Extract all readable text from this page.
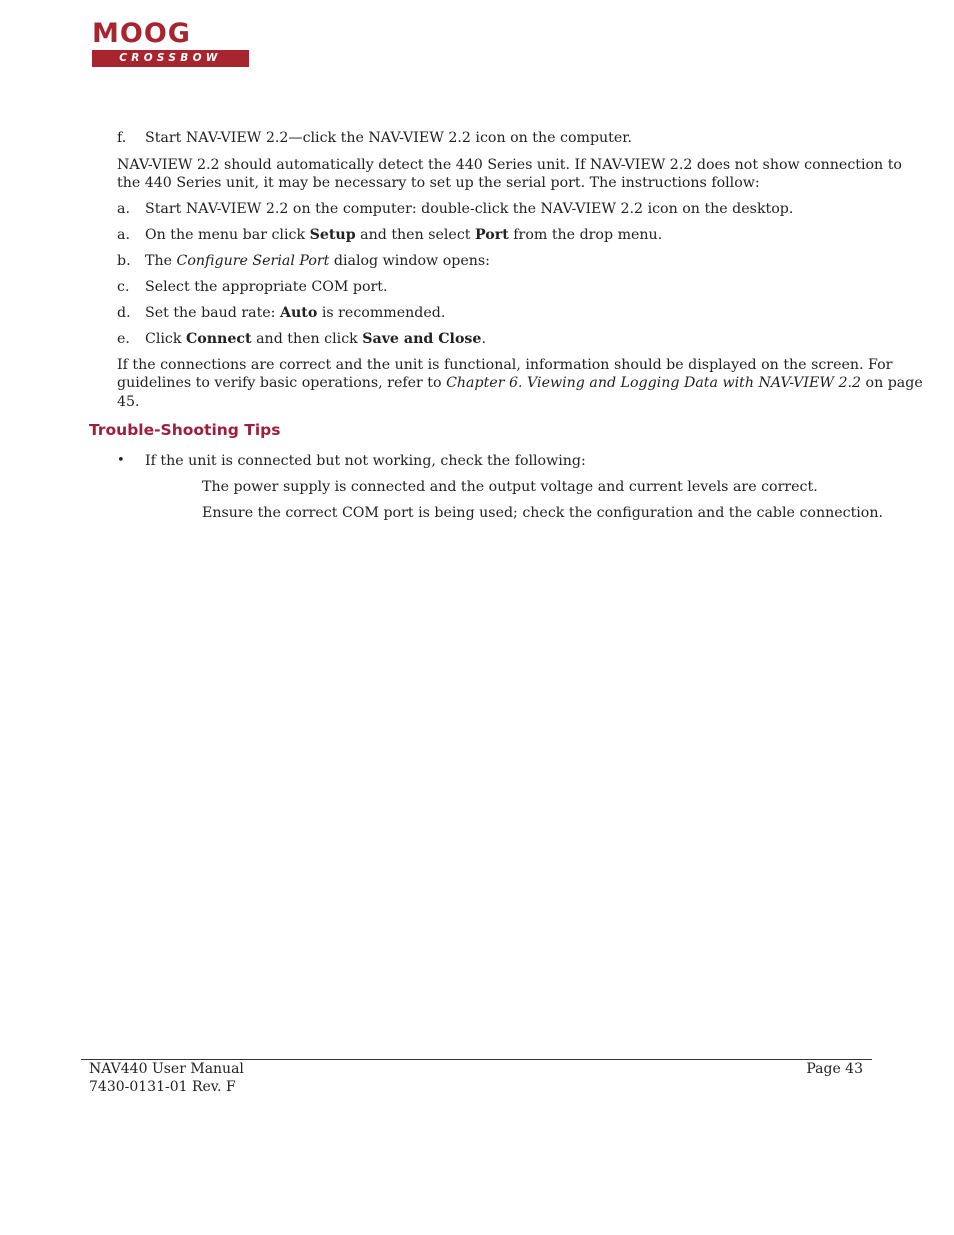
MOOG
CROSSBOW
f. Start NAV-VIEW 2.2—click the NAV-VIEW 2.2 icon on the computer.
NAV-VIEW 2.2 should automatically detect the 440 Series unit. If NAV-VIEW 2.2 does not show connection to
the 440 Series unit, it may be necessary to set up the serial port. The instructions follow:
a. Start NAV-VIEW 2.2 on the computer: double-click the NAV-VIEW 2.2 icon on the desktop.
a. On the menu bar click Setup and then select Port from the drop menu.
b. The Configure Serial Port dialog window opens:
c. Select the appropriate COM port.
d. Set the baud rate: Auto is recommended.
e. Click Connect and then click Save and Close.
If the connections are correct and the unit is functional, information should be displayed on the screen. For
guidelines to verify basic operations, refer to Chapter 6. Viewing and Logging Data with NAV-VIEW 2.2 on page
45.
Trouble-Shooting Tips
• If the unit is connected but not working, check the following:
The power supply is connected and the output voltage and current levels are correct.
Ensure the correct COM port is being used; check the configuration and the cable connection.
NAV440 User Manual
7430-0131-01 Rev. F
Page 43
